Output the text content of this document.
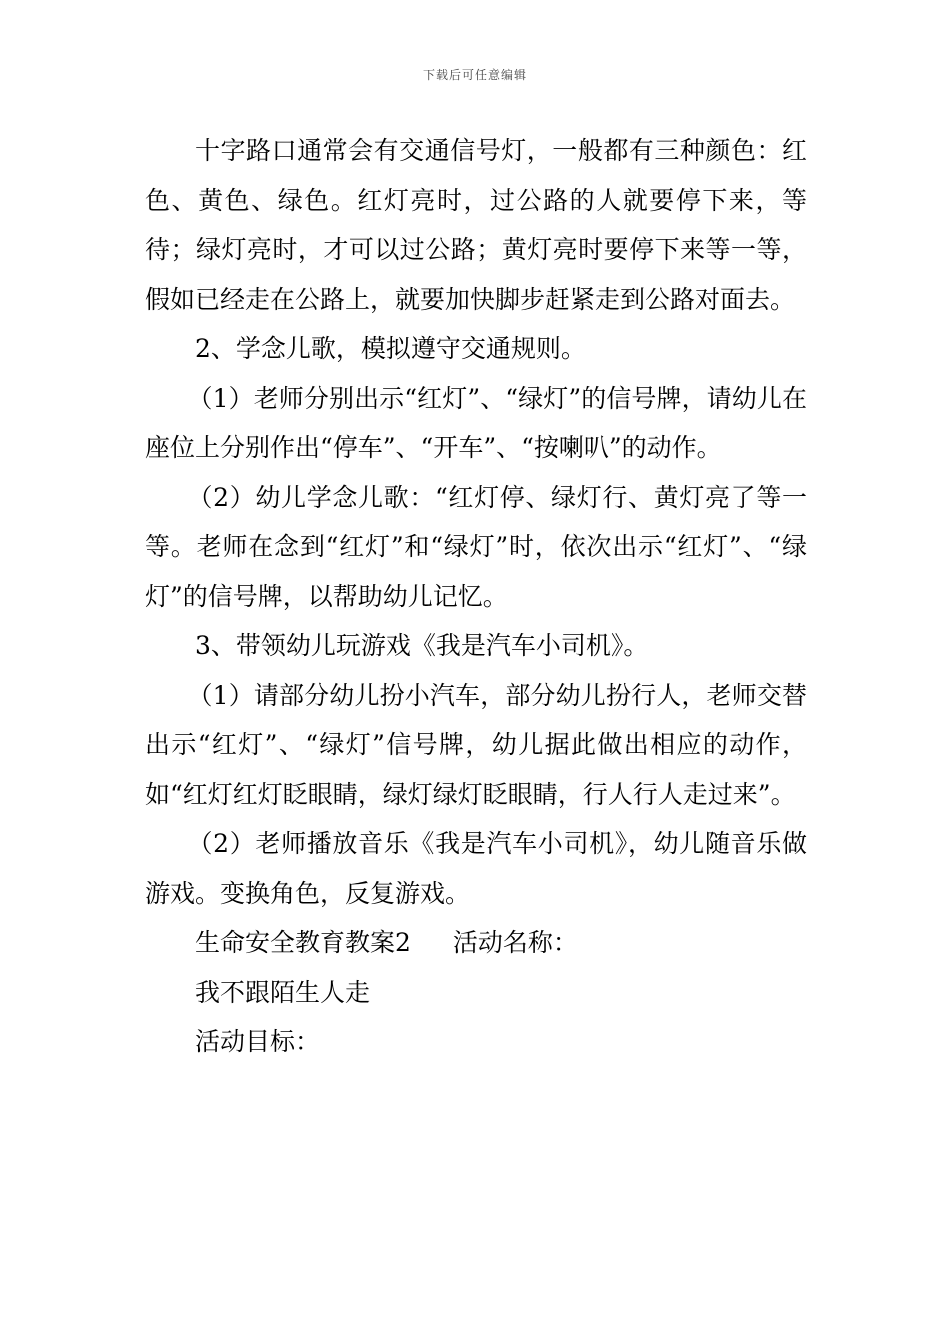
下载后可任意编辑

十字路口通常会有交通信号灯，一般都有三种颜色：红色、黄色、绿色。红灯亮时，过公路的人就要停下来，等待；绿灯亮时，才可以过公路；黄灯亮时要停下来等一等，假如已经走在公路上，就要加快脚步赶紧走到公路对面去。

2、学念儿歌，模拟遵守交通规则。

（1）老师分别出示“红灯”、“绿灯”的信号牌，请幼儿在座位上分别作出“停车”、“开车”、“按喇叭”的动作。

（2）幼儿学念儿歌：“红灯停、绿灯行、黄灯亮了等一等。老师在念到“红灯”和“绿灯”时，依次出示“红灯”、“绿灯”的信号牌，以帮助幼儿记忆。

3、带领幼儿玩游戏《我是汽车小司机》。

（1）请部分幼儿扮小汽车，部分幼儿扮行人，老师交替出示“红灯”、“绿灯”信号牌，幼儿据此做出相应的动作，如“红灯红灯眨眼睛，绿灯绿灯眨眼睛，行人行人走过来”。

（2）老师播放音乐《我是汽车小司机》，幼儿随音乐做游戏。变换角色，反复游戏。

生命安全教育教案2 活动名称：

我不跟陌生人走

活动目标：
